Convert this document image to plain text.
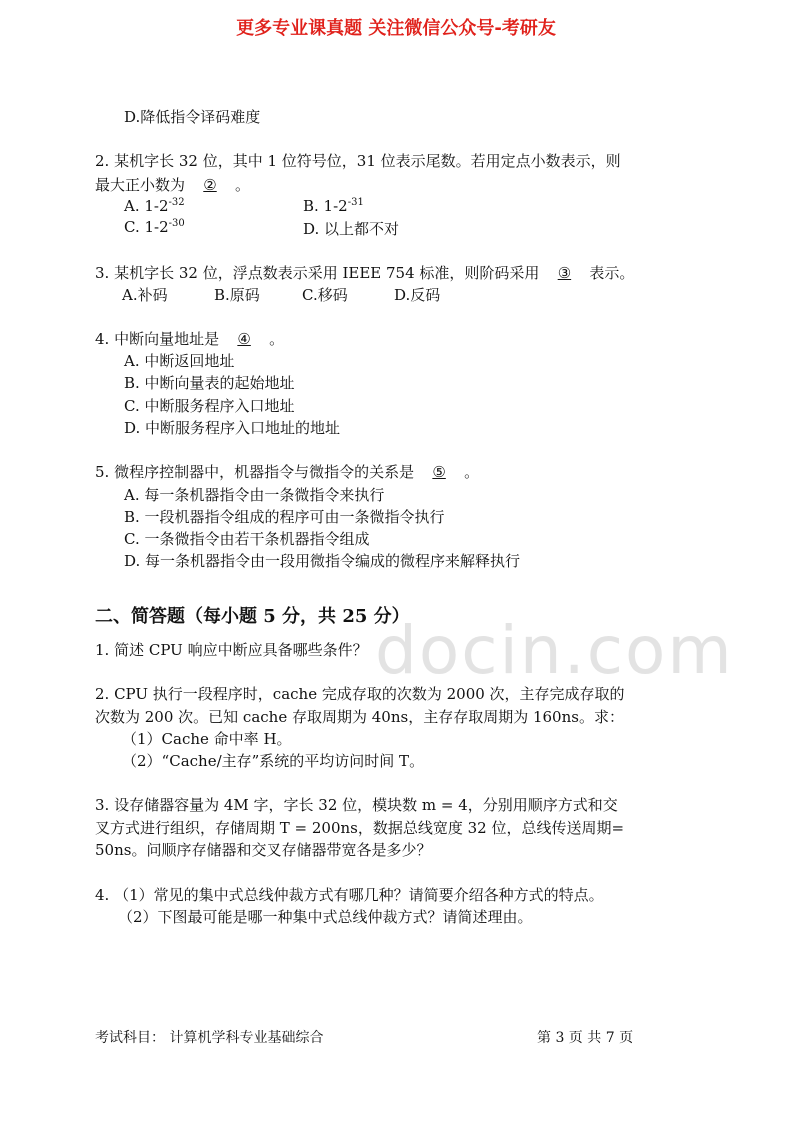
更多专业课真题 关注微信公众号-考研友
docin.com
D.降低指令译码难度
2. 某机字长 32 位，其中 1 位符号位，31 位表示尾数。若用定点小数表示，则
最大正小数为 ② 。
A. $1-2^{-32}$	B. $1-2^{-31}$
C. $1-2^{-30}$	D. 以上都不对
3. 某机字长 32 位，浮点数表示采用 IEEE 754 标准，则阶码采用 ③ 表示。
A.补码	B.原码	C.移码	D.反码
4. 中断向量地址是 ④ 。
A. 中断返回地址
B. 中断向量表的起始地址
C. 中断服务程序入口地址
D. 中断服务程序入口地址的地址
5. 微程序控制器中，机器指令与微指令的关系是 ⑤ 。
A. 每一条机器指令由一条微指令来执行
B. 一段机器指令组成的程序可由一条微指令执行
C. 一条微指令由若干条机器指令组成
D. 每一条机器指令由一段用微指令编成的微程序来解释执行
二、简答题（每小题 5 分，共 25 分）
1. 简述 CPU 响应中断应具备哪些条件？
2. CPU 执行一段程序时，cache 完成存取的次数为 2000 次，主存完成存取的
次数为 200 次。已知 cache 存取周期为 40ns，主存存取周期为 160ns。求：
（1）Cache 命中率 H。
（2）“Cache/主存”系统的平均访问时间 T。
3. 设存储器容量为 4M 字，字长 32 位，模块数 m = 4，分别用顺序方式和交
叉方式进行组织，存储周期 T = 200ns，数据总线宽度 32 位，总线传送周期=
50ns。问顺序存储器和交叉存储器带宽各是多少？
4. （1）常见的集中式总线仲裁方式有哪几种？请简要介绍各种方式的特点。
（2）下图最可能是哪一种集中式总线仲裁方式？请简述理由。
考试科目： 计算机学科专业基础综合	第 3 页 共 7 页
